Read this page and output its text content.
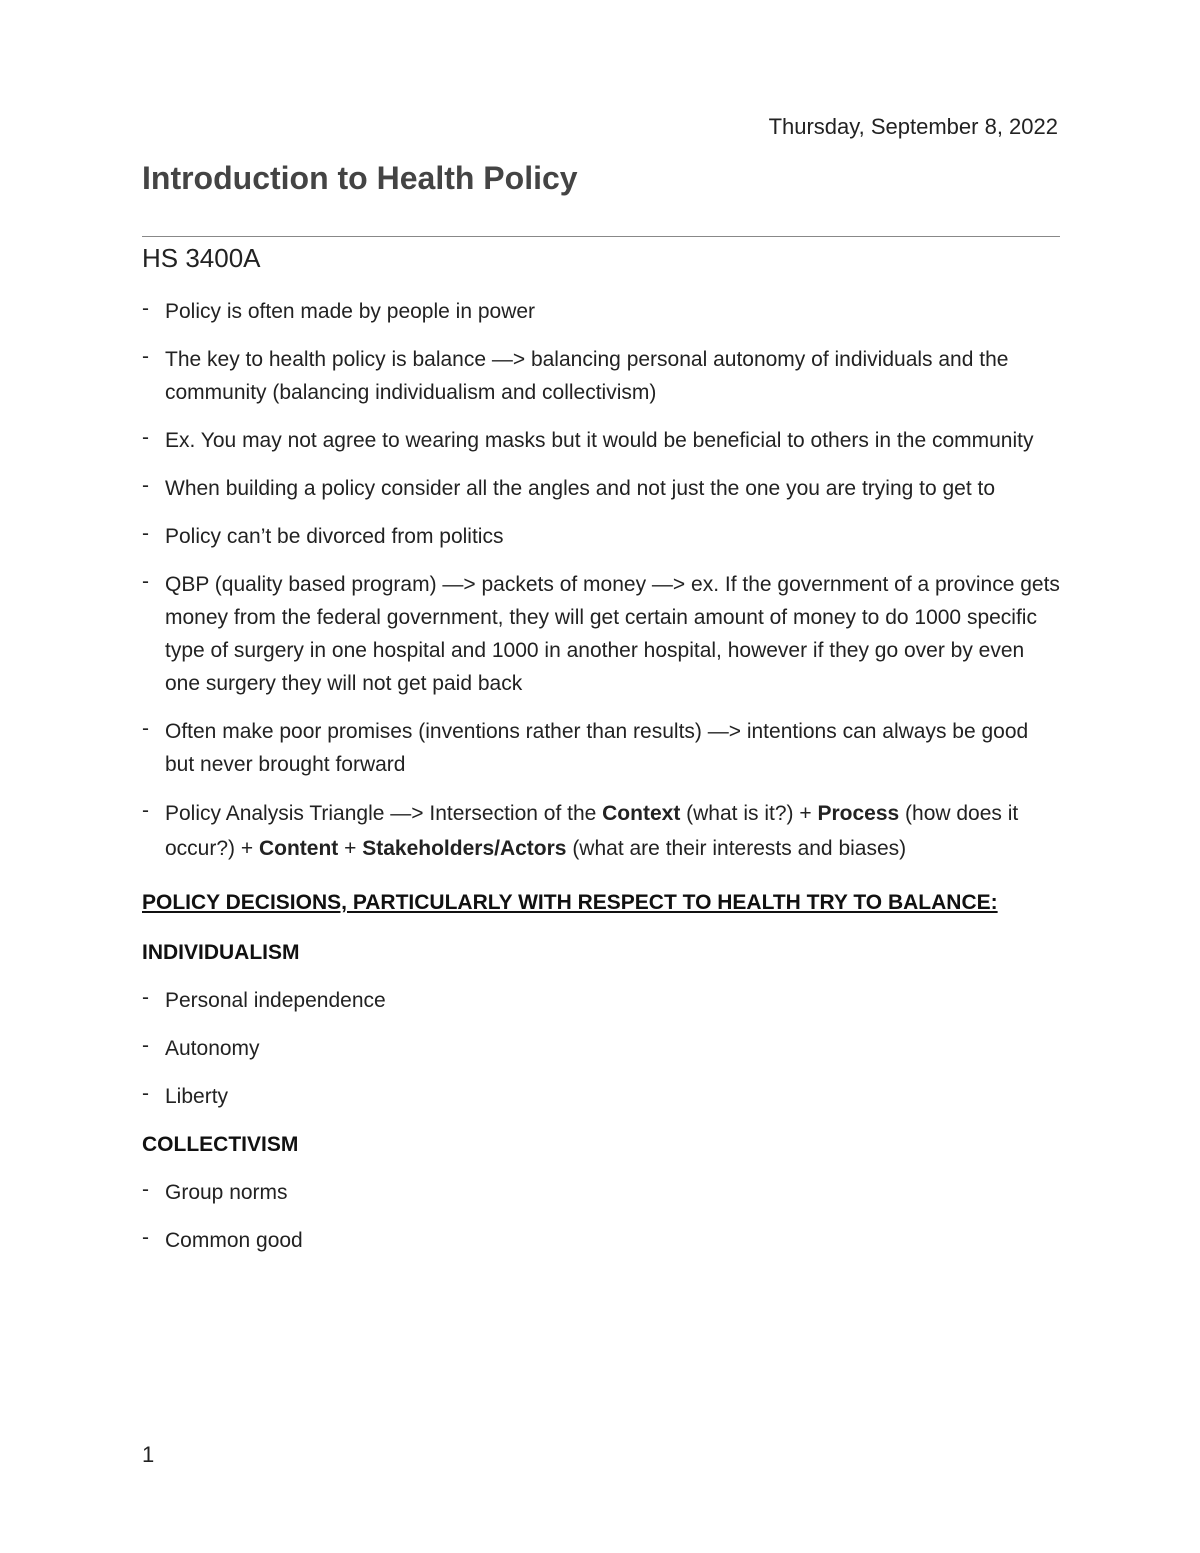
Thursday, September 8, 2022
Introduction to Health Policy
HS 3400A
- Policy is often made by people in power
- The key to health policy is balance —> balancing personal autonomy of individuals and the community (balancing individualism and collectivism)
- Ex. You may not agree to wearing masks but it would be beneficial to others in the community
- When building a policy consider all the angles and not just the one you are trying to get to
- Policy can’t be divorced from politics
- QBP (quality based program) —> packets of money —> ex. If the government of a province gets money from the federal government, they will get certain amount of money to do 1000 specific type of surgery in one hospital and 1000 in another hospital, however if they go over by even one surgery they will not get paid back
- Often make poor promises (inventions rather than results) —> intentions can always be good but never brought forward
- Policy Analysis Triangle —> Intersection of the Context (what is it?) + Process (how does it occur?) + Content + Stakeholders/Actors (what are their interests and biases)
POLICY DECISIONS, PARTICULARLY WITH RESPECT TO HEALTH TRY TO BALANCE:
INDIVIDUALISM
- Personal independence
- Autonomy
- Liberty
COLLECTIVISM
- Group norms
- Common good
1
